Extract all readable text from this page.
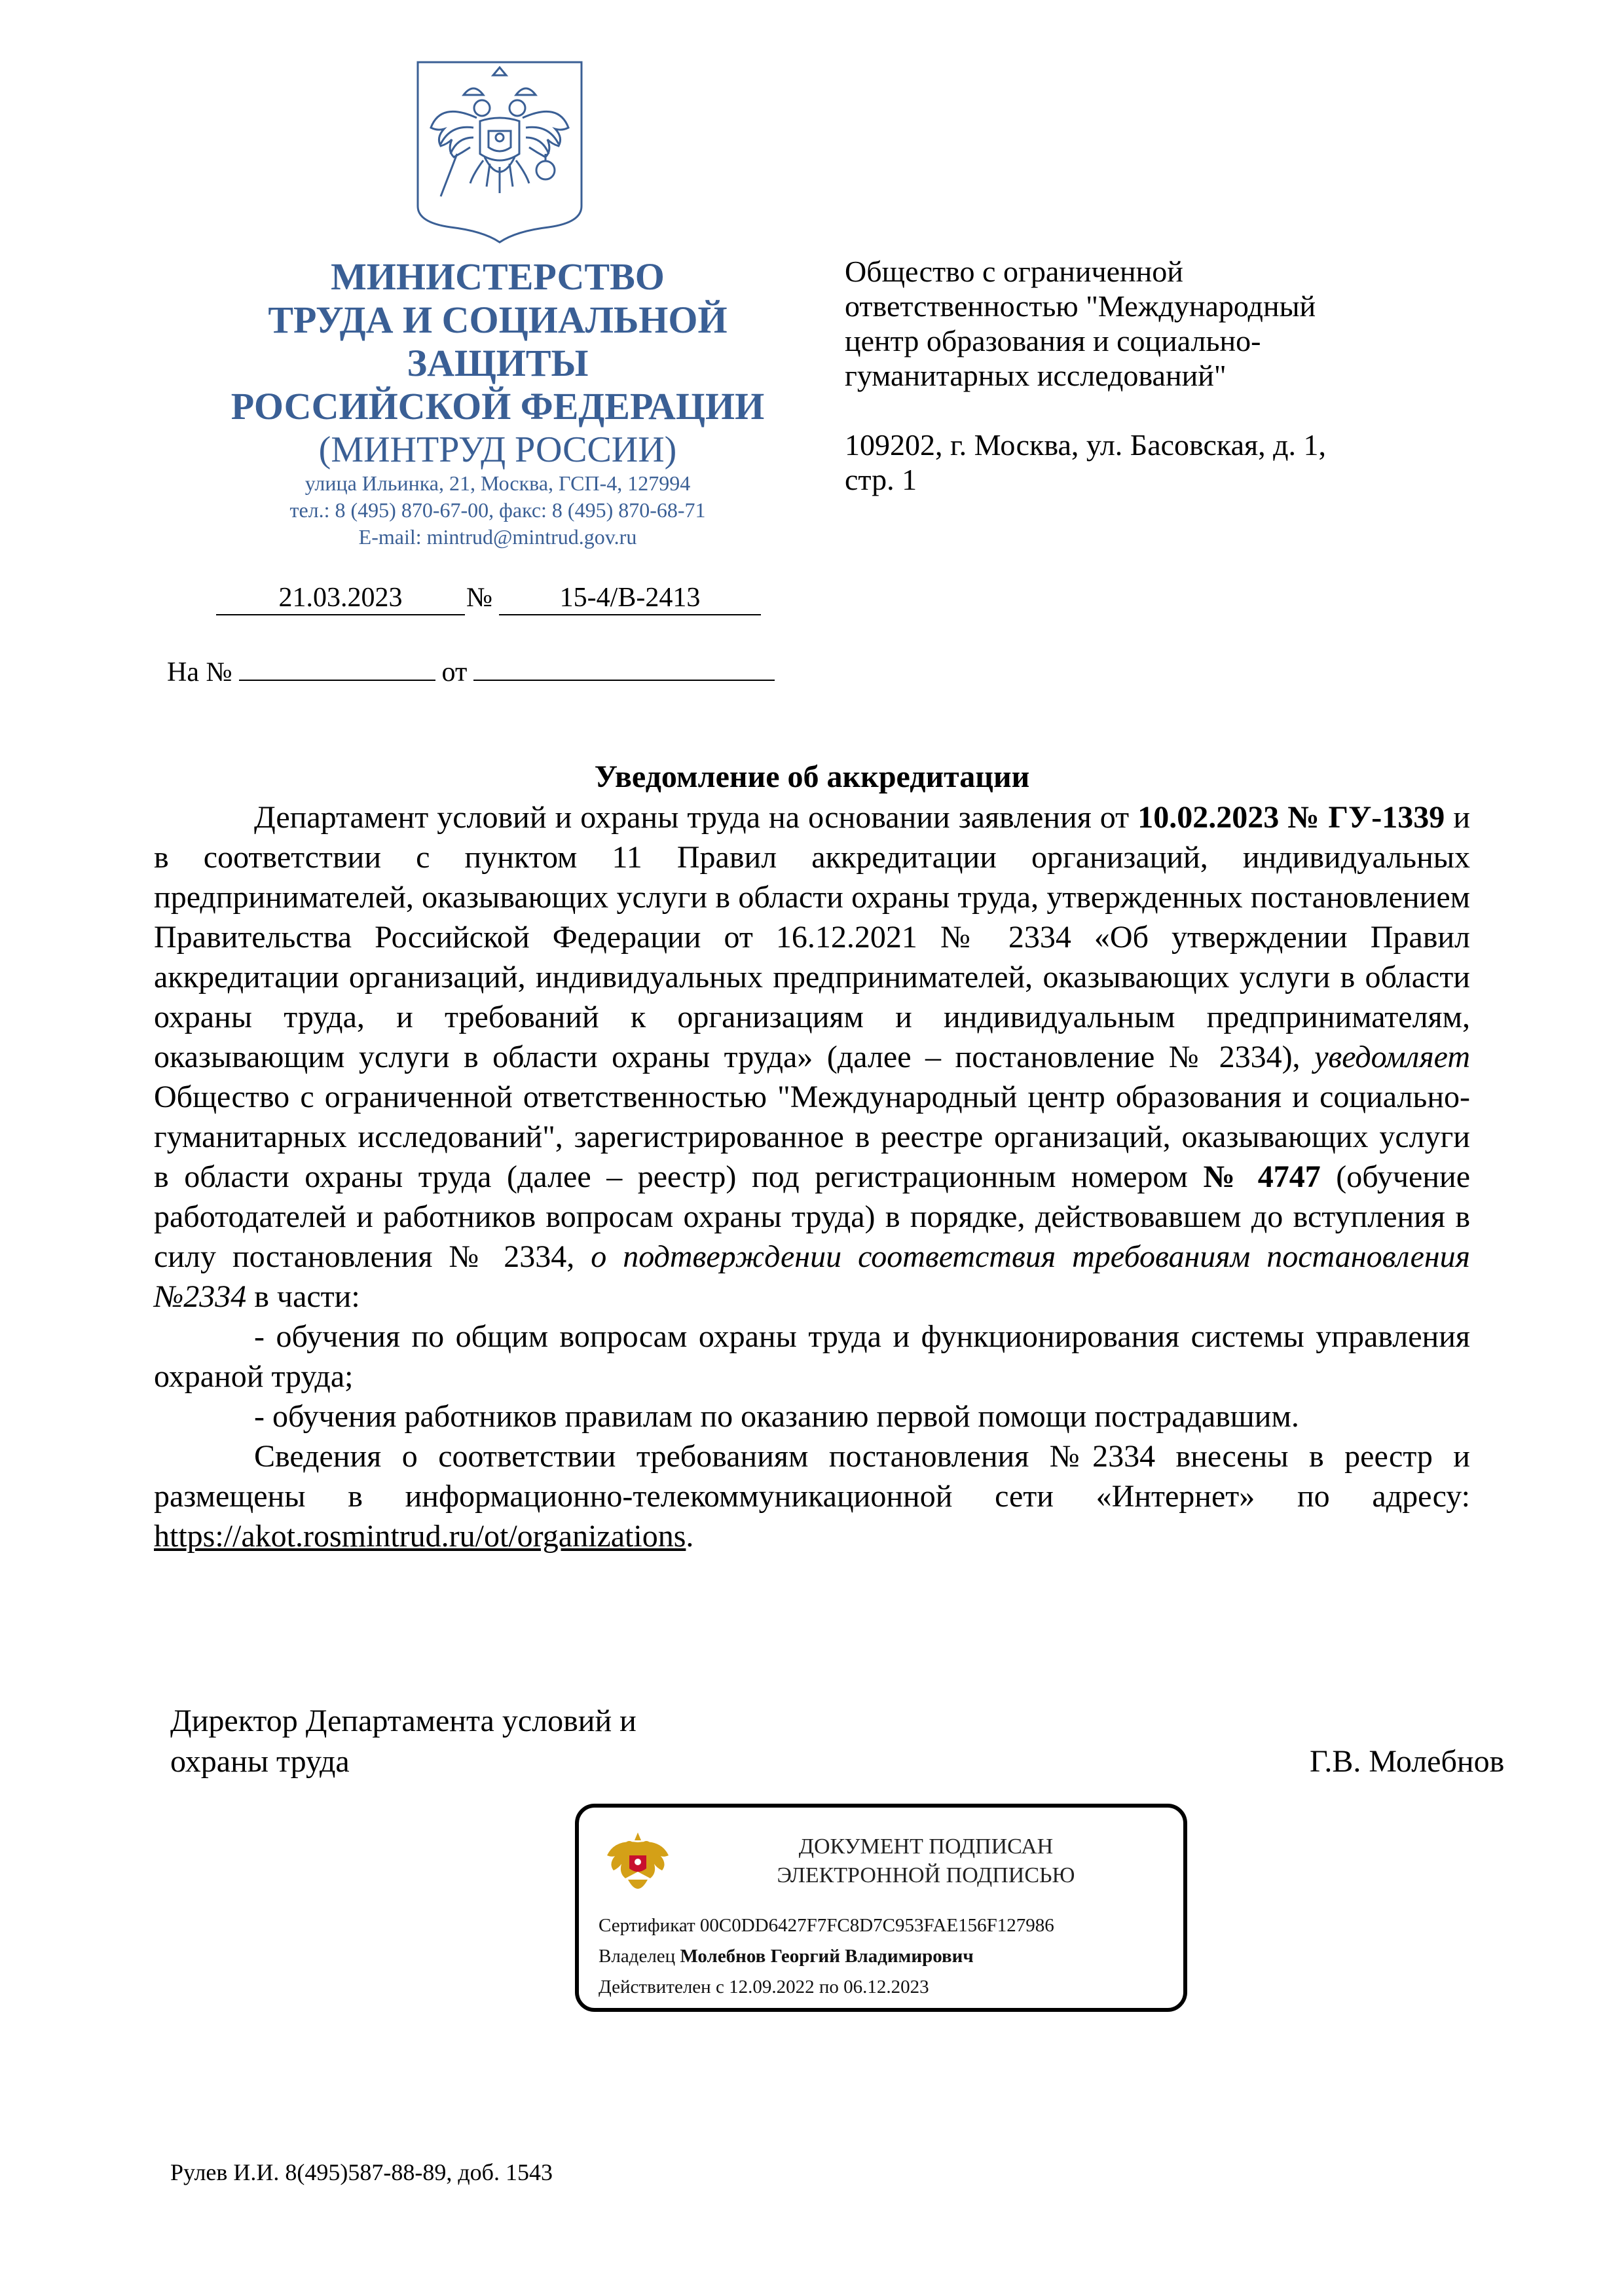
МИНИСТЕРСТВО
ТРУДА И СОЦИАЛЬНОЙ
ЗАЩИТЫ
РОССИЙСКОЙ ФЕДЕРАЦИИ
(МИНТРУД РОССИИ)
улица Ильинка, 21, Москва, ГСП-4, 127994
тел.: 8 (495) 870-67-00, факс: 8 (495) 870-68-71
E-mail: mintrud@mintrud.gov.ru
21.03.2023	№	15-4/В-2413
На №	от
Общество с ограниченной
ответственностью "Международный
центр образования и социально-
гуманитарных исследований"
109202, г. Москва, ул. Басовская, д. 1,
стр. 1
Уведомление об аккредитации

Департамент условий и охраны труда на основании заявления от 10.02.2023 № ГУ-1339 и в соответствии с пунктом 11 Правил аккредитации организаций, индивидуальных предпринимателей, оказывающих услуги в области охраны труда, утвержденных постановлением Правительства Российской Федерации от 16.12.2021 № 2334 «Об утверждении Правил аккредитации организаций, индивидуальных предпринимателей, оказывающих услуги в области охраны труда, и требований к организациям и индивидуальным предпринимателям, оказывающим услуги в области охраны труда» (далее – постановление № 2334), уведомляет Общество с ограниченной ответственностью "Международный центр образования и социально-гуманитарных исследований", зарегистрированное в реестре организаций, оказывающих услуги в области охраны труда (далее – реестр) под регистрационным номером № 4747 (обучение работодателей и работников вопросам охраны труда) в порядке, действовавшем до вступления в силу постановления № 2334, о подтверждении соответствия требованиям постановления №2334 в части:

- обучения по общим вопросам охраны труда и функционирования системы управления охраной труда;

- обучения работников правилам по оказанию первой помощи пострадавшим.

Сведения о соответствии требованиям постановления №2334 внесены в реестр и размещены в информационно-телекоммуникационной сети «Интернет» по адресу: https://akot.rosmintrud.ru/ot/organizations.

Директор Департамента условий и
охраны труда	Г.В. Молебнов
ДОКУМЕНТ ПОДПИСАН
ЭЛЕКТРОННОЙ ПОДПИСЬЮ
Сертификат 00C0DD6427F7FC8D7C953FAE156F127986
Владелец Молебнов Георгий Владимирович
Действителен с 12.09.2022 по 06.12.2023
Рулев И.И. 8(495)587-88-89, доб. 1543
